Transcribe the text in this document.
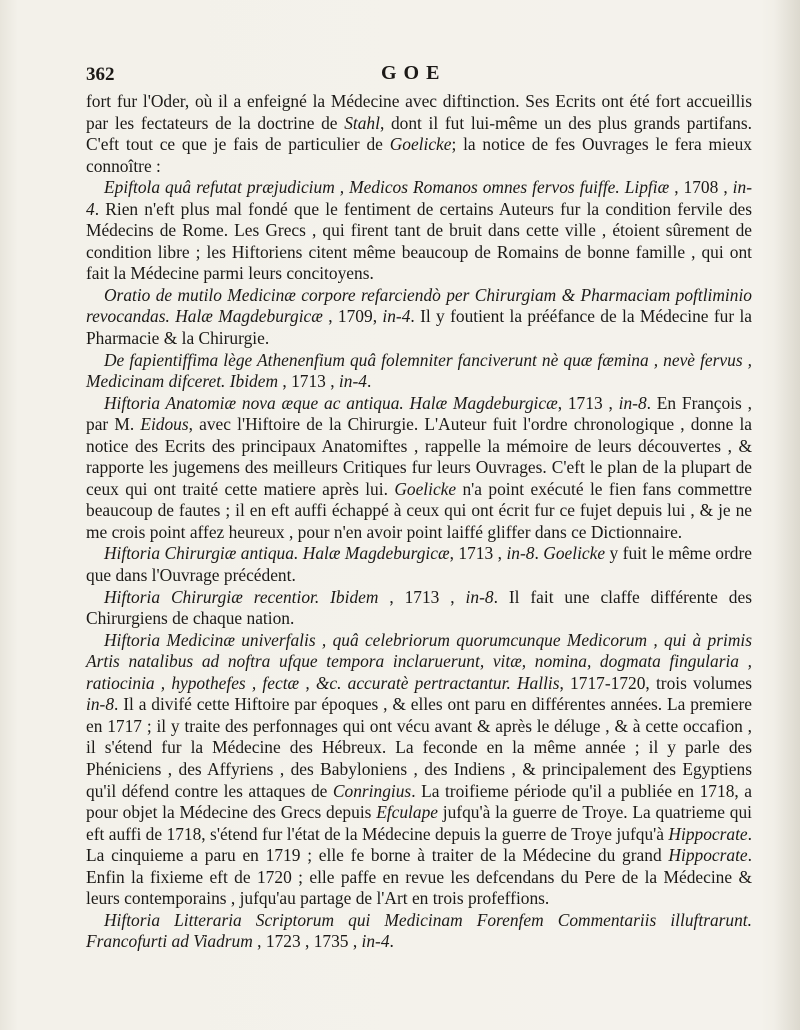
362	GOE

fort fur l'Oder, où il a enfeigné la Médecine avec diftinction. Ses Ecrits ont été fort accueillis par les fectateurs de la doctrine de Stahl, dont il fut lui-même un des plus grands partifans. C'eft tout ce que je fais de particulier de Goelicke; la notice de fes Ouvrages le fera mieux connoître :

Epiftola quâ refutat præjudicium , Medicos Romanos omnes fervos fuiffe. Lipfiæ , 1708 , in-4. Rien n'eft plus mal fondé que le fentiment de certains Auteurs fur la condition fervile des Médecins de Rome. Les Grecs , qui firent tant de bruit dans cette ville , étoient sûrement de condition libre ; les Hiftoriens citent même beaucoup de Romains de bonne famille , qui ont fait la Médecine parmi leurs concitoyens.

Oratio de mutilo Medicinæ corpore refarciendò per Chirurgiam & Pharmaciam poftliminio revocandas. Halæ Magdeburgicæ , 1709, in-4. Il y foutient la prééfance de la Médecine fur la Pharmacie & la Chirurgie.

De fapientiffima lège Athenenfium quâ folemniter fanciverunt nè quæ fæmina , nevè fervus , Medicinam difceret. Ibidem , 1713 , in-4.

Hiftoria Anatomiæ nova æque ac antiqua. Halæ Magdeburgicæ, 1713 , in-8. En François , par M. Eidous, avec l'Hiftoire de la Chirurgie. L'Auteur fuit l'ordre chronologique , donne la notice des Ecrits des principaux Anatomiftes , rappelle la mémoire de leurs découvertes , & rapporte les jugemens des meilleurs Critiques fur leurs Ouvrages. C'eft le plan de la plupart de ceux qui ont traité cette matiere après lui. Goelicke n'a point exécuté le fien fans commettre beaucoup de fautes ; il en eft auffi échappé à ceux qui ont écrit fur ce fujet depuis lui , & je ne me crois point affez heureux , pour n'en avoir point laiffé gliffer dans ce Dictionnaire.

Hiftoria Chirurgiæ antiqua. Halæ Magdeburgicæ, 1713 , in-8. Goelicke y fuit le même ordre que dans l'Ouvrage précédent.

Hiftoria Chirurgiæ recentior. Ibidem , 1713 , in-8. Il fait une claffe différente des Chirurgiens de chaque nation.

Hiftoria Medicinæ univerfalis , quâ celebriorum quorumcunque Medicorum , qui à primis Artis natalibus ad noftra ufque tempora inclaruerunt, vitæ, nomina, dogmata fingularia , ratiocinia , hypothefes , fectæ , &c. accuratè pertractantur. Hallis, 1717-1720, trois volumes in-8. Il a divifé cette Hiftoire par époques , & elles ont paru en différentes années. La premiere en 1717 ; il y traite des perfonnages qui ont vécu avant & après le déluge , & à cette occafion , il s'étend fur la Médecine des Hébreux. La feconde en la même année ; il y parle des Phéniciens , des Affyriens , des Babyloniens , des Indiens , & principalement des Egyptiens qu'il défend contre les attaques de Conringius. La troifieme période qu'il a publiée en 1718, a pour objet la Médecine des Grecs depuis Efculape jufqu'à la guerre de Troye. La quatrieme qui eft auffi de 1718, s'étend fur l'état de la Médecine depuis la guerre de Troye jufqu'à Hippocrate. La cinquieme a paru en 1719 ; elle fe borne à traiter de la Médecine du grand Hippocrate. Enfin la fixieme eft de 1720 ; elle paffe en revue les defcendans du Pere de la Médecine & leurs contemporains , jufqu'au partage de l'Art en trois profeffions.

Hiftoria Litteraria Scriptorum qui Medicinam Forenfem Commentariis illuftrarunt. Francofurti ad Viadrum , 1723 , 1735 , in-4.
